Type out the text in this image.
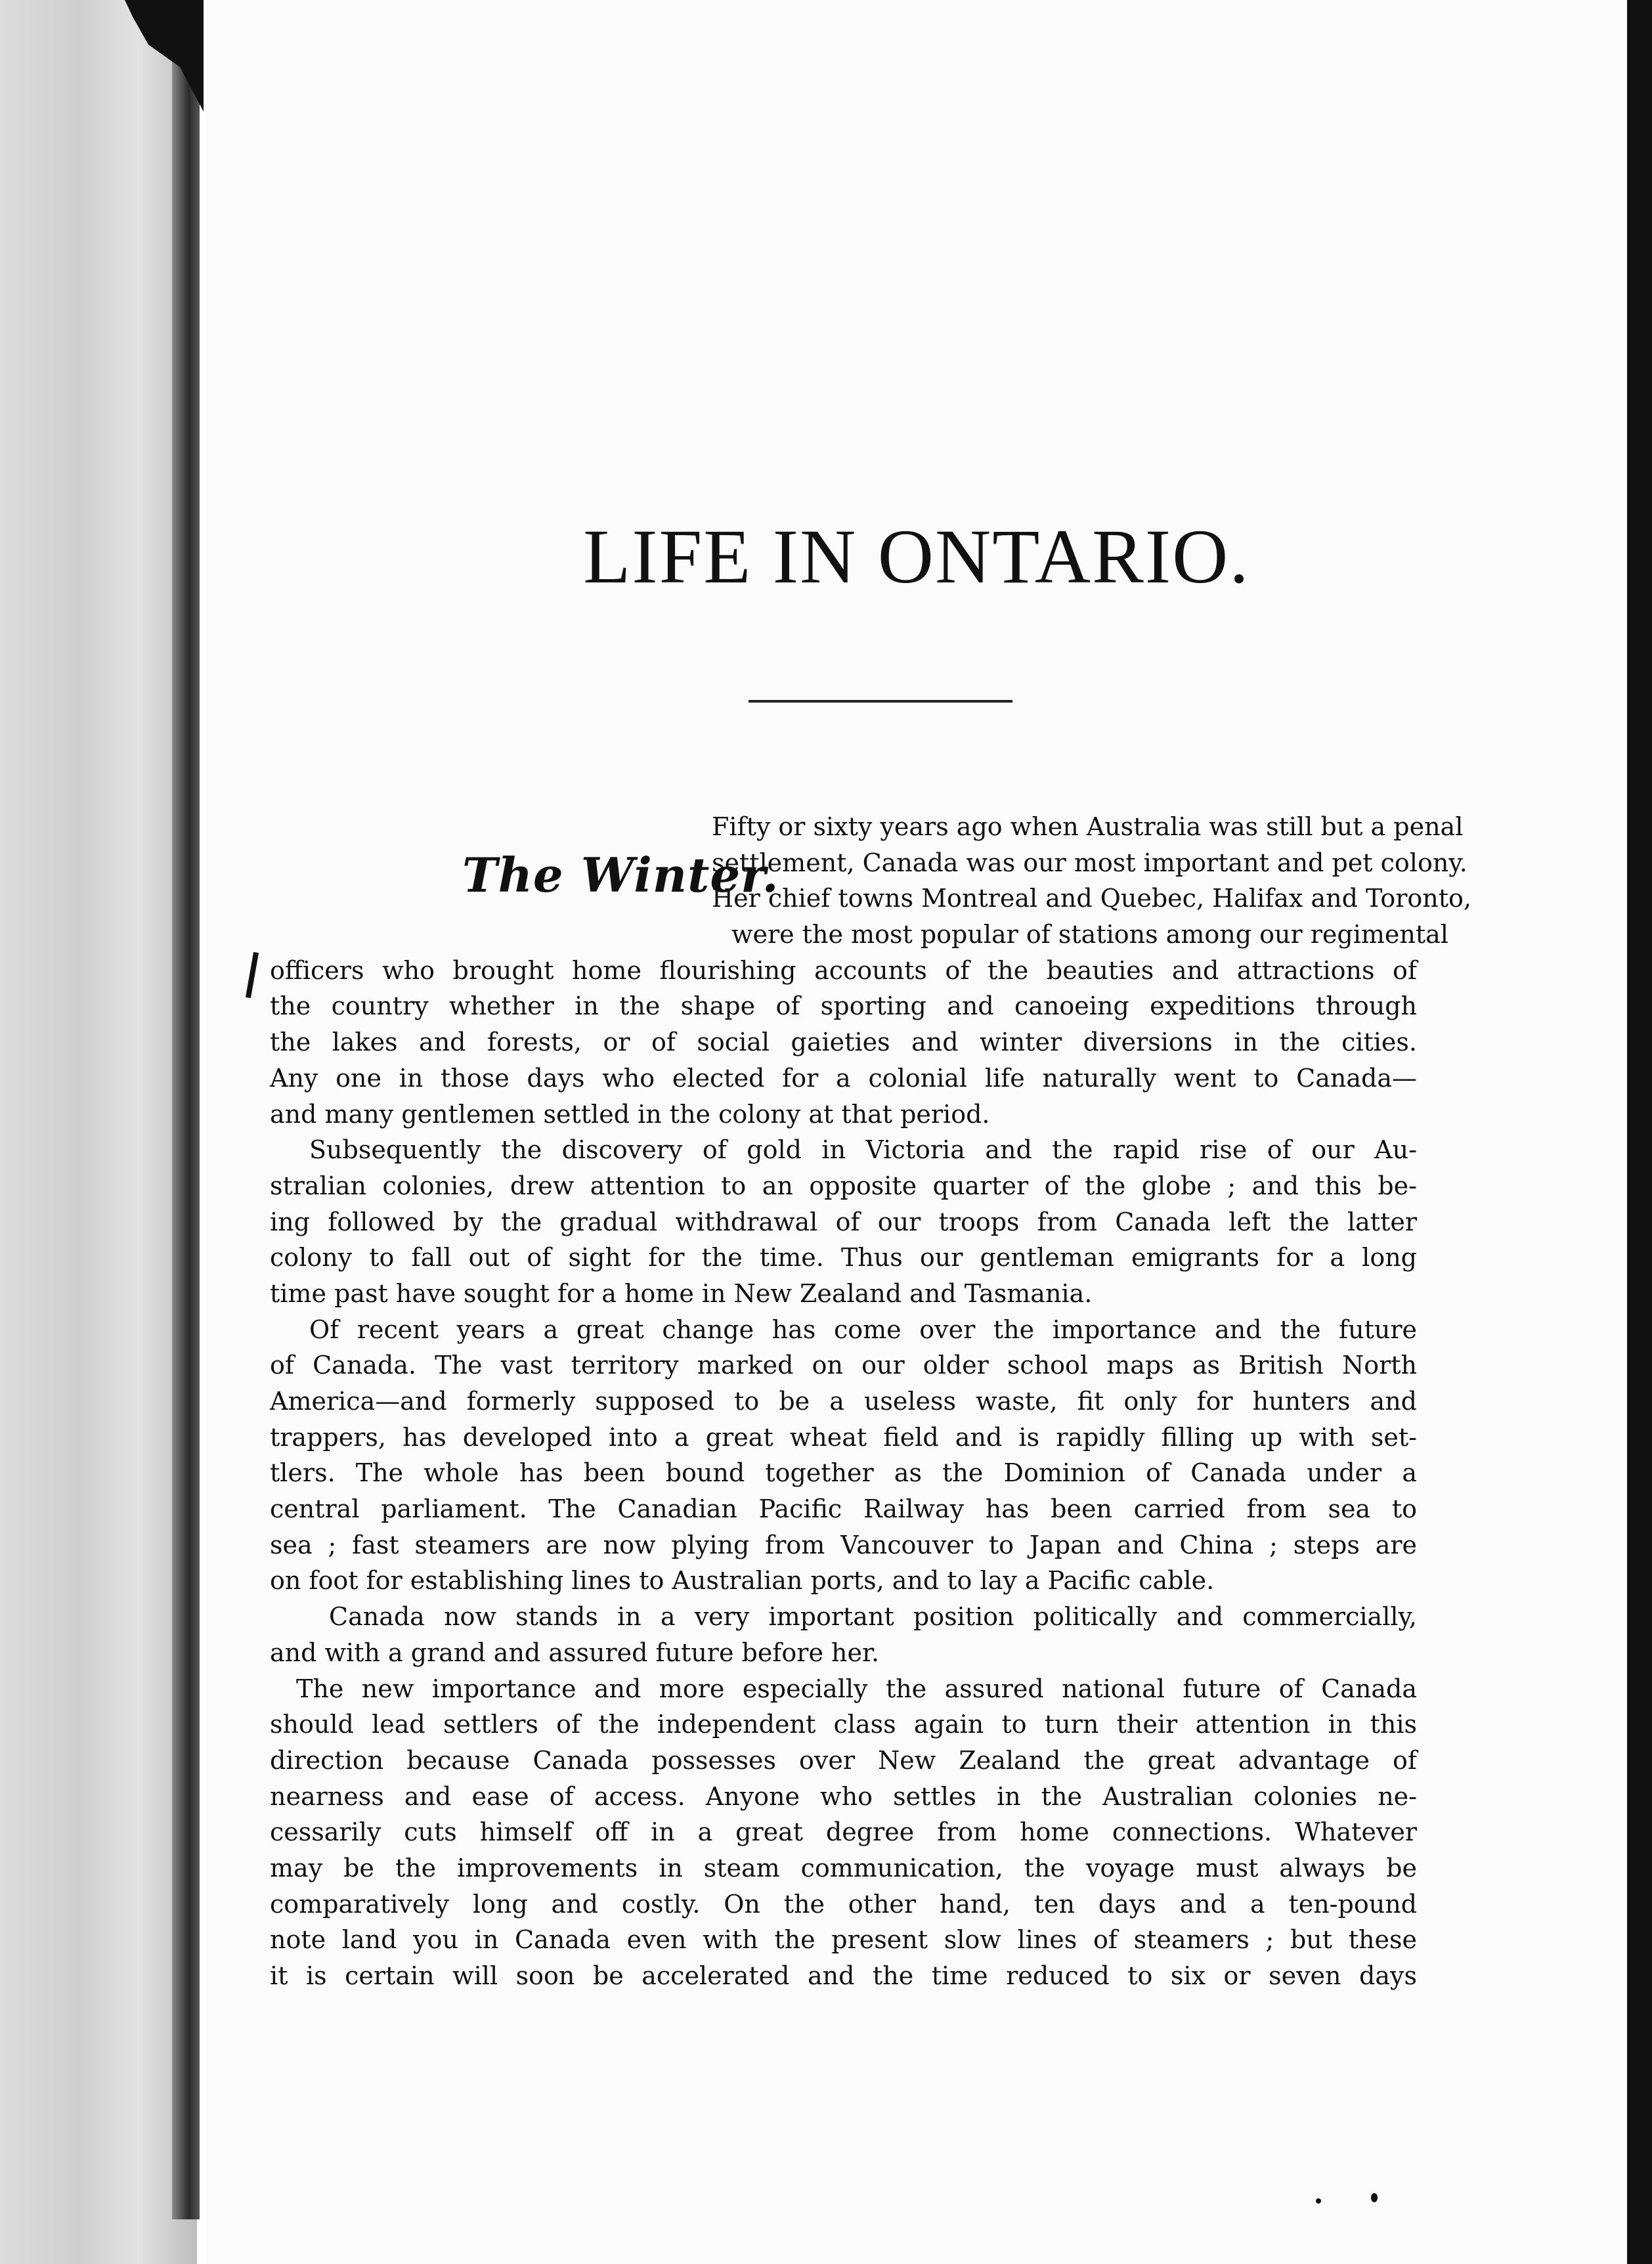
LIFE IN ONTARIO.
The Winter.
Fifty or sixty years ago when Australia was still but a penal
settlement, Canada was our most important and pet colony.
Her chief towns Montreal and Quebec, Halifax and Toronto,
were the most popular of stations among our regimental
officers who brought home flourishing accounts of the beauties and attractions of
the country whether in the shape of sporting and canoeing expeditions through
the lakes and forests, or of social gaieties and winter diversions in the cities.
Any one in those days who elected for a colonial life naturally went to Canada—
and many gentlemen settled in the colony at that period.
Subsequently the discovery of gold in Victoria and the rapid rise of our Au-
stralian colonies, drew attention to an opposite quarter of the globe ; and this be-
ing followed by the gradual withdrawal of our troops from Canada left the latter
colony to fall out of sight for the time. Thus our gentleman emigrants for a long
time past have sought for a home in New Zealand and Tasmania.
Of recent years a great change has come over the importance and the future
of Canada. The vast territory marked on our older school maps as British North
America—and formerly supposed to be a useless waste, fit only for hunters and
trappers, has developed into a great wheat field and is rapidly filling up with set-
tlers. The whole has been bound together as the Dominion of Canada under a
central parliament. The Canadian Pacific Railway has been carried from sea to
sea ; fast steamers are now plying from Vancouver to Japan and China ; steps are
on foot for establishing lines to Australian ports, and to lay a Pacific cable.
Canada now stands in a very important position politically and commercially,
and with a grand and assured future before her.
The new importance and more especially the assured national future of Canada
should lead settlers of the independent class again to turn their attention in this
direction because Canada possesses over New Zealand the great advantage of
nearness and ease of access. Anyone who settles in the Australian colonies ne-
cessarily cuts himself off in a great degree from home connections. Whatever
may be the improvements in steam communication, the voyage must always be
comparatively long and costly. On the other hand, ten days and a ten-pound
note land you in Canada even with the present slow lines of steamers ; but these
it is certain will soon be accelerated and the time reduced to six or seven days
